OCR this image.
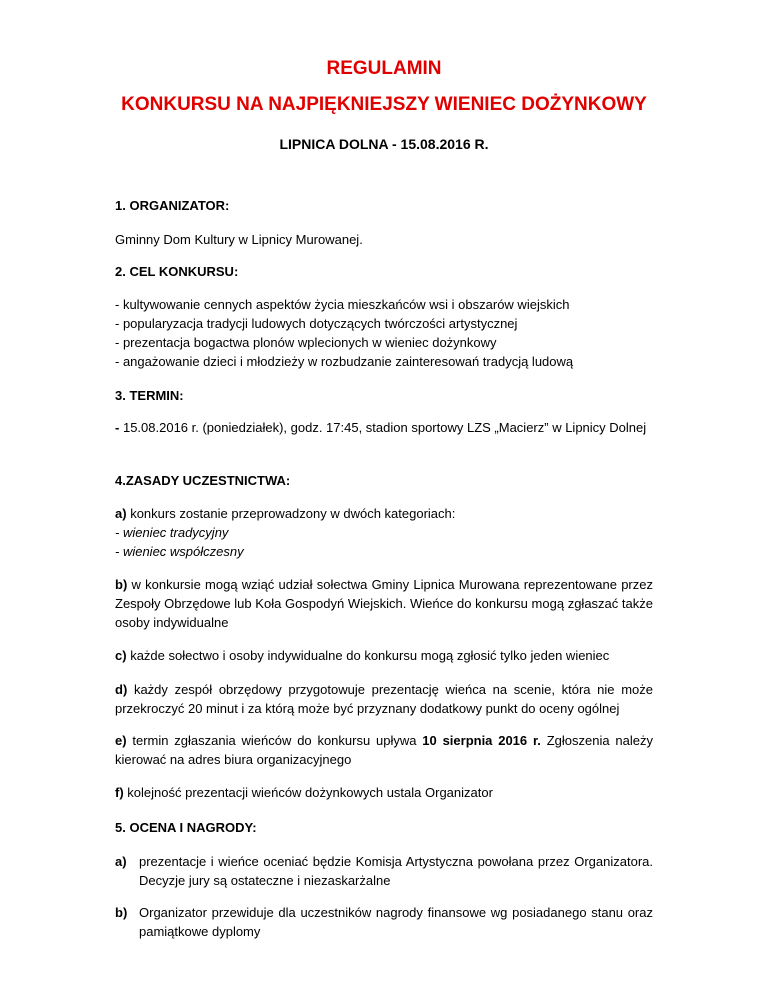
REGULAMIN
KONKURSU NA NAJPIĘKNIEJSZY WIENIEC DOŻYNKOWY
LIPNICA DOLNA - 15.08.2016 R.
1. ORGANIZATOR:
Gminny Dom Kultury w Lipnicy Murowanej.
2. CEL KONKURSU:
- kultywowanie cennych aspektów życia mieszkańców wsi i obszarów wiejskich
- popularyzacja tradycji ludowych dotyczących twórczości artystycznej
- prezentacja bogactwa plonów wplecionych w wieniec dożynkowy
- angażowanie dzieci i młodzieży w rozbudzanie zainteresowań tradycją ludową
3. TERMIN:
- 15.08.2016 r. (poniedziałek), godz. 17:45, stadion sportowy LZS „Macierz” w Lipnicy Dolnej
4.ZASADY UCZESTNICTWA:
a) konkurs zostanie przeprowadzony w dwóch kategoriach:
- wieniec tradycyjny
- wieniec współczesny
b) w konkursie mogą wziąć udział sołectwa Gminy Lipnica Murowana reprezentowane przez Zespoły Obrzędowe lub Koła Gospodyń Wiejskich. Wieńce do konkursu mogą zgłaszać także osoby indywidualne
c) każde sołectwo i osoby indywidualne do konkursu mogą zgłosić tylko jeden wieniec
d) każdy zespół obrzędowy przygotowuje prezentację wieńca na scenie, która nie może przekroczyć 20 minut i za którą może być przyznany dodatkowy punkt do oceny ogólnej
e) termin zgłaszania wieńców do konkursu upływa 10 sierpnia 2016 r. Zgłoszenia należy kierować na adres biura organizacyjnego
f) kolejność prezentacji wieńców dożynkowych ustala Organizator
5. OCENA I NAGRODY:
a) prezentacje i wieńce oceniać będzie Komisja Artystyczna powołana przez Organizatora. Decyzje jury są ostateczne i niezaskarżalne
b) Organizator przewiduje dla uczestników nagrody finansowe wg posiadanego stanu oraz pamiątkowe dyplomy
